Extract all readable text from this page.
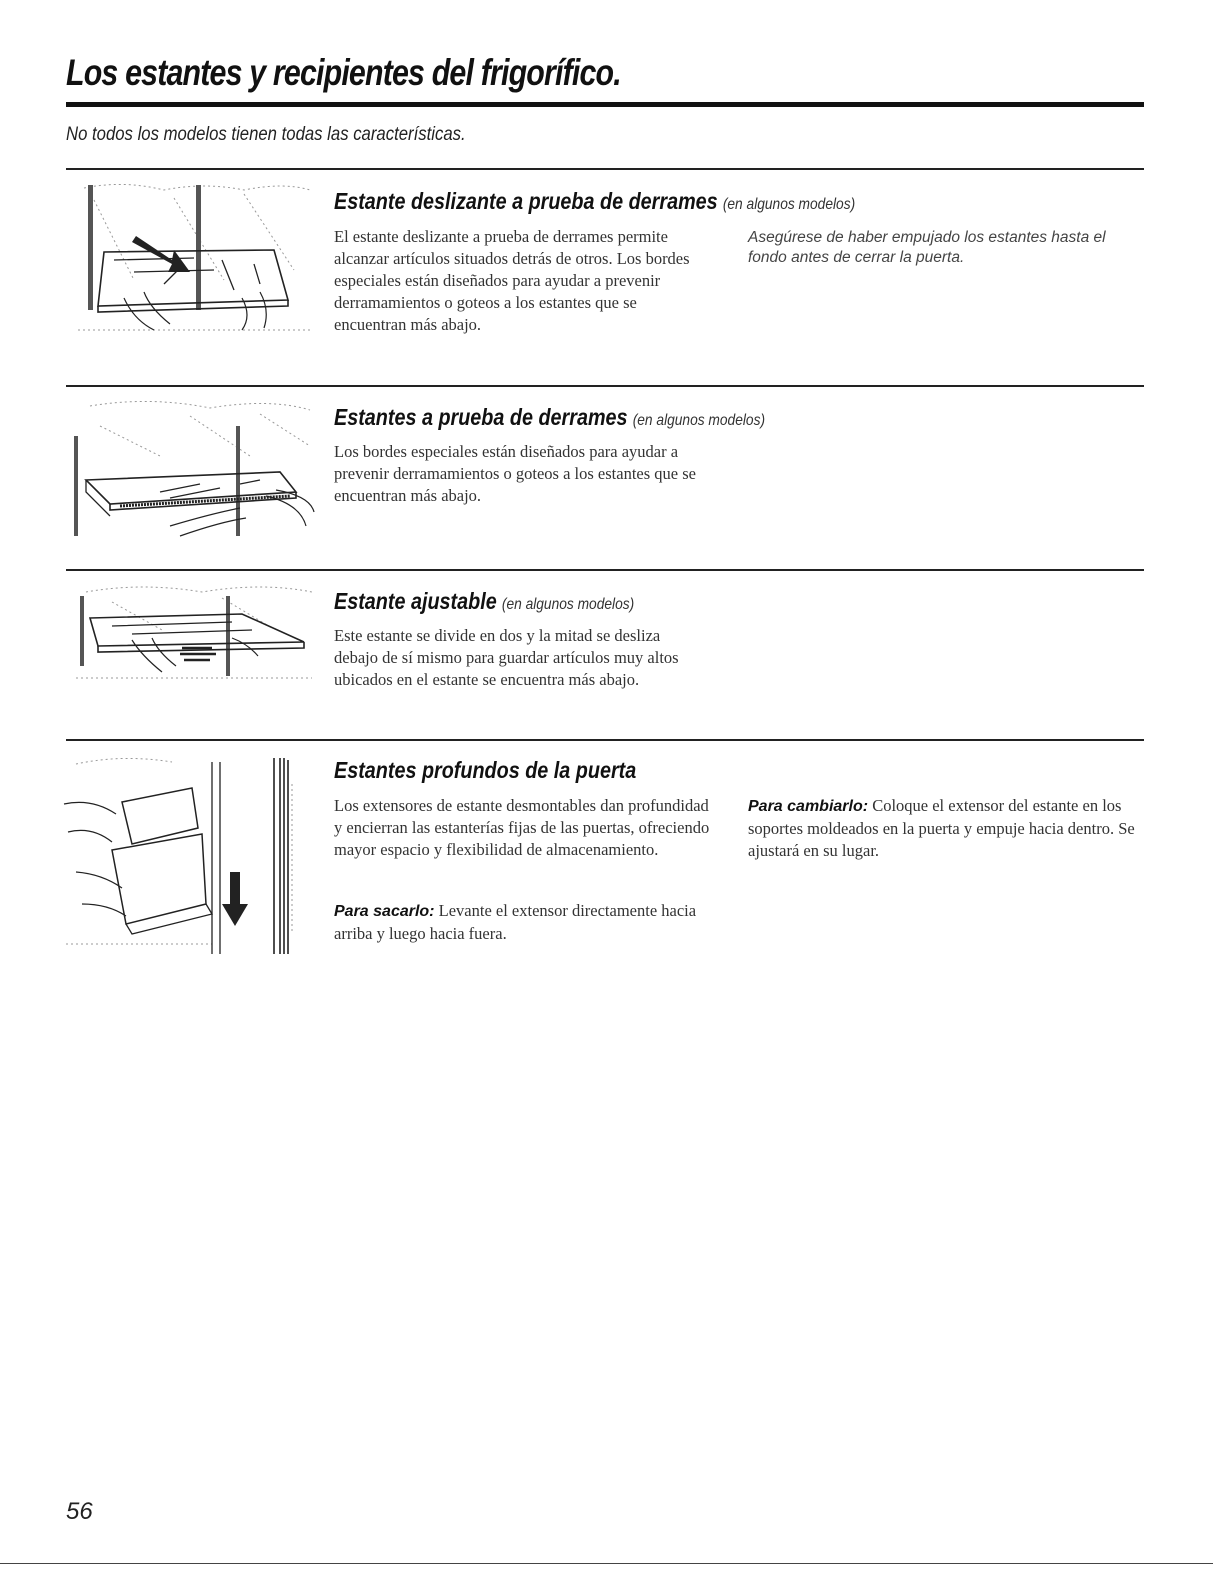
Los estantes y recipientes del frigorífico.

No todos los modelos tienen todas las características.

Estante deslizante a prueba de derrames (en algunos modelos)

El estante deslizante a prueba de derrames permite alcanzar artículos situados detrás de otros. Los bordes especiales están diseñados para ayudar a prevenir derramamientos o goteos a los estantes que se encuentran más abajo.

Asegúrese de haber empujado los estantes hasta el fondo antes de cerrar la puerta.

Estantes a prueba de derrames (en algunos modelos)

Los bordes especiales están diseñados para ayudar a prevenir derramamientos o goteos a los estantes que se encuentran más abajo.

Estante ajustable (en algunos modelos)

Este estante se divide en dos y la mitad se desliza debajo de sí mismo para guardar artículos muy altos ubicados en el estante se encuentra más abajo.

Estantes profundos de la puerta

Los extensores de estante desmontables dan profundidad y encierran las estanterías fijas de las puertas, ofreciendo mayor espacio y flexibilidad de almacenamiento.

Para sacarlo: Levante el extensor directamente hacia arriba y luego hacia fuera.

Para cambiarlo: Coloque el extensor del estante en los soportes moldeados en la puerta y empuje hacia dentro. Se ajustará en su lugar.

56
